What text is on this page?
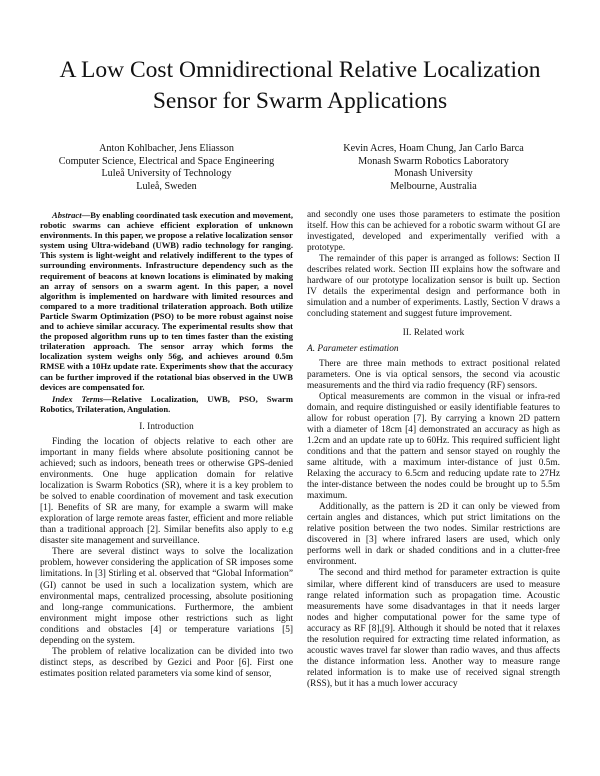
A Low Cost Omnidirectional Relative Localization Sensor for Swarm Applications
Anton Kohlbacher, Jens Eliasson
Computer Science, Electrical and Space Engineering
Luleå University of Technology
Luleå, Sweden
Kevin Acres, Hoam Chung, Jan Carlo Barca
Monash Swarm Robotics Laboratory
Monash University
Melbourne, Australia

Abstract—By enabling coordinated task execution and movement, robotic swarms can achieve efficient exploration of unknown environments. In this paper, we propose a relative localization sensor system using Ultra-wideband (UWB) radio technology for ranging. This system is light-weight and relatively indifferent to the types of surrounding environments. Infrastructure dependency such as the requirement of beacons at known locations is eliminated by making an array of sensors on a swarm agent. In this paper, a novel algorithm is implemented on hardware with limited resources and compared to a more traditional trilateration approach. Both utilize Particle Swarm Optimization (PSO) to be more robust against noise and to achieve similar accuracy. The experimental results show that the proposed algorithm runs up to ten times faster than the existing trilateration approach. The sensor array which forms the localization system weighs only 56g, and achieves around 0.5m RMSE with a 10Hz update rate. Experiments show that the accuracy can be further improved if the rotational bias observed in the UWB devices are compensated for.

Index Terms—Relative Localization, UWB, PSO, Swarm Robotics, Trilateration, Angulation.

I. Introduction

Finding the location of objects relative to each other are important in many fields where absolute positioning cannot be achieved; such as indoors, beneath trees or otherwise GPS-denied environments. One huge application domain for relative localization is Swarm Robotics (SR), where it is a key problem to be solved to enable coordination of movement and task execution [1]. Benefits of SR are many, for example a swarm will make exploration of large remote areas faster, efficient and more reliable than a traditional approach [2]. Similar benefits also apply to e.g disaster site management and surveillance.

There are several distinct ways to solve the localization problem, however considering the application of SR imposes some limitations. In [3] Stirling et al. observed that “Global Information” (GI) cannot be used in such a localization system, which are environmental maps, centralized processing, absolute positioning and long-range communications. Furthermore, the ambient environment might impose other restrictions such as light conditions and obstacles [4] or temperature variations [5] depending on the system.

The problem of relative localization can be divided into two distinct steps, as described by Gezici and Poor [6]. First one estimates position related parameters via some kind of sensor,

and secondly one uses those parameters to estimate the position itself. How this can be achieved for a robotic swarm without GI are investigated, developed and experimentally verified with a prototype.

The remainder of this paper is arranged as follows: Section II describes related work. Section III explains how the software and hardware of our prototype localization sensor is built up. Section IV details the experimental design and performance both in simulation and a number of experiments. Lastly, Section V draws a concluding statement and suggest future improvement.

II. Related work

A. Parameter estimation

There are three main methods to extract positional related parameters. One is via optical sensors, the second via acoustic measurements and the third via radio frequency (RF) sensors.

Optical measurements are common in the visual or infra-red domain, and require distinguished or easily identifiable features to allow for robust operation [7]. By carrying a known 2D pattern with a diameter of 18cm [4] demonstrated an accuracy as high as 1.2cm and an update rate up to 60Hz. This required sufficient light conditions and that the pattern and sensor stayed on roughly the same altitude, with a maximum inter-distance of just 0.5m. Relaxing the accuracy to 6.5cm and reducing update rate to 27Hz the inter-distance between the nodes could be brought up to 5.5m maximum.

Additionally, as the pattern is 2D it can only be viewed from certain angles and distances, which put strict limitations on the relative position between the two nodes. Similar restrictions are discovered in [3] where infrared lasers are used, which only performs well in dark or shaded conditions and in a clutter-free environment.

The second and third method for parameter extraction is quite similar, where different kind of transducers are used to measure range related information such as propagation time. Acoustic measurements have some disadvantages in that it needs larger nodes and higher computational power for the same type of accuracy as RF [8],[9]. Although it should be noted that it relaxes the resolution required for extracting time related information, as acoustic waves travel far slower than radio waves, and thus affects the distance information less. Another way to measure range related information is to make use of received signal strength (RSS), but it has a much lower accuracy
